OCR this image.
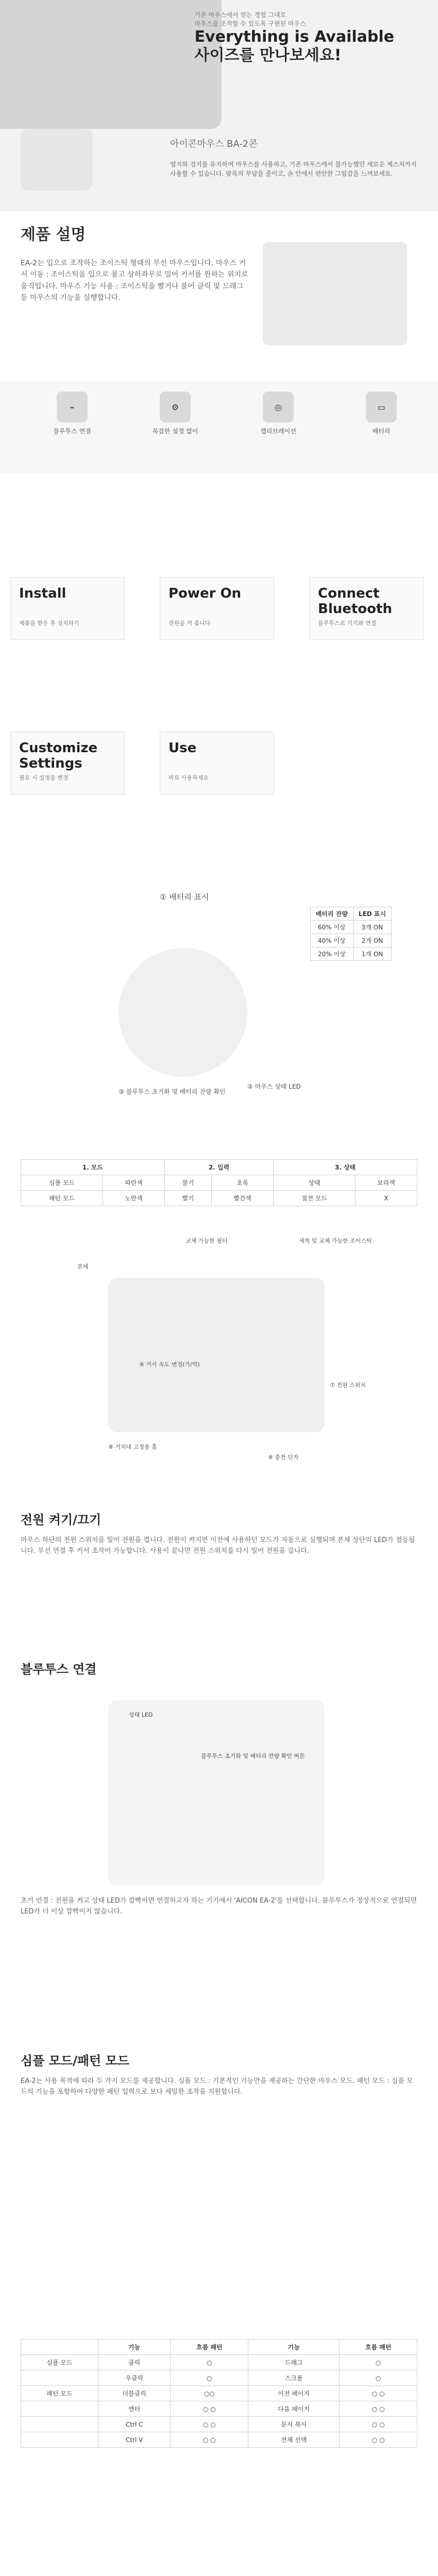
기존 마우스에서 얻는 경험 그대로
마우스를 조작할 수 있도록 구현된 마우스
Everything is Available
사이즈를 만나보세요!
아이콘마우스 BA-2콘
엄지와 검지를 유지하며 마우스를 사용하고, 기존 마우스에서 불가능했던 새로운 제스처까지 사용할 수 있습니다. 팔목의 부담을 줄이고, 손 안에서 편안한 그립감을 느껴보세요.
제품 설명
EA-2는 입으로 조작하는 조이스틱 형태의 무선 마우스입니다. 마우스 커서 이동 : 조이스틱을 입으로 물고 상하좌우로 밀어 커서를 원하는 위치로 움직입니다. 마우스 기능 사용 : 조이스틱을 빨거나 불어 클릭 및 드래그 등 마우스의 기능을 실행합니다.
⌁
블루투스 연결
⚙
복잡한 설정 없이
◎
캘리브레이션
▭
배터리
Install
제품을 받은 후 설치하기
Power On
전원을 켜 줍니다
Connect Bluetooth
블루투스로 기기와 연결
Customize Settings
필요 시 설정을 변경
Use
바로 사용하세요
① 배터리 표시
배터리 잔량	LED 표시
60% 이상	3개 ON
40% 이상	2개 ON
20% 이상	1개 ON
③ 블루투스 초기화 및 배터리 잔량 확인
② 마우스 상태 LED
1. 모드		2. 입력		3. 상태	
심플 모드	파란색	불기	초록	상태	보라색
패턴 모드	노란색	빨기	빨간색	절전 모드	X
본체
교체 가능한 필터	세척 및 교체 가능한 조이스틱
④ 커서 속도 변경(가/역)
⑦ 전원 스위치
⑧ 거치대 고정용 홀
⑨ 충전 단자
전원 켜기/끄기
마우스 하단의 전원 스위치를 밀어 전원을 켭니다. 전원이 켜지면 이전에 사용하던 모드가 자동으로 실행되며 본체 상단의 LED가 점등됩니다. 무선 연결 후 커서 조작이 가능합니다. 사용이 끝나면 전원 스위치를 다시 밀어 전원을 끕니다.
블루투스 연결
상태 LED
블루투스 초기화 및 배터리 잔량 확인 버튼
초기 연결 : 전원을 켜고 상태 LED가 깜빡이면 연결하고자 하는 기기에서 'AICON EA-2'를 선택합니다. 블루투스가 정상적으로 연결되면 LED가 더 이상 깜빡이지 않습니다.
심플 모드/패턴 모드
EA-2는 사용 목적에 따라 두 가지 모드를 제공합니다. 심플 모드 : 기본적인 기능만을 제공하는 간단한 마우스 모드. 패턴 모드 : 심플 모드의 기능을 포함하여 다양한 패턴 입력으로 보다 세밀한 조작을 지원합니다.
	기능	흐름 패턴	기능	흐름 패턴
심플 모드	클릭	○	드래그	○
	우클릭	○	스크롤	○
패턴 모드	더블클릭	○○	이전 페이지	○ ○
	엔터	○ ○	다음 페이지	○ ○
	Ctrl C	○ ○	문자 복사	○ ○
	Ctrl V	○ ○	전체 선택	○ ○
